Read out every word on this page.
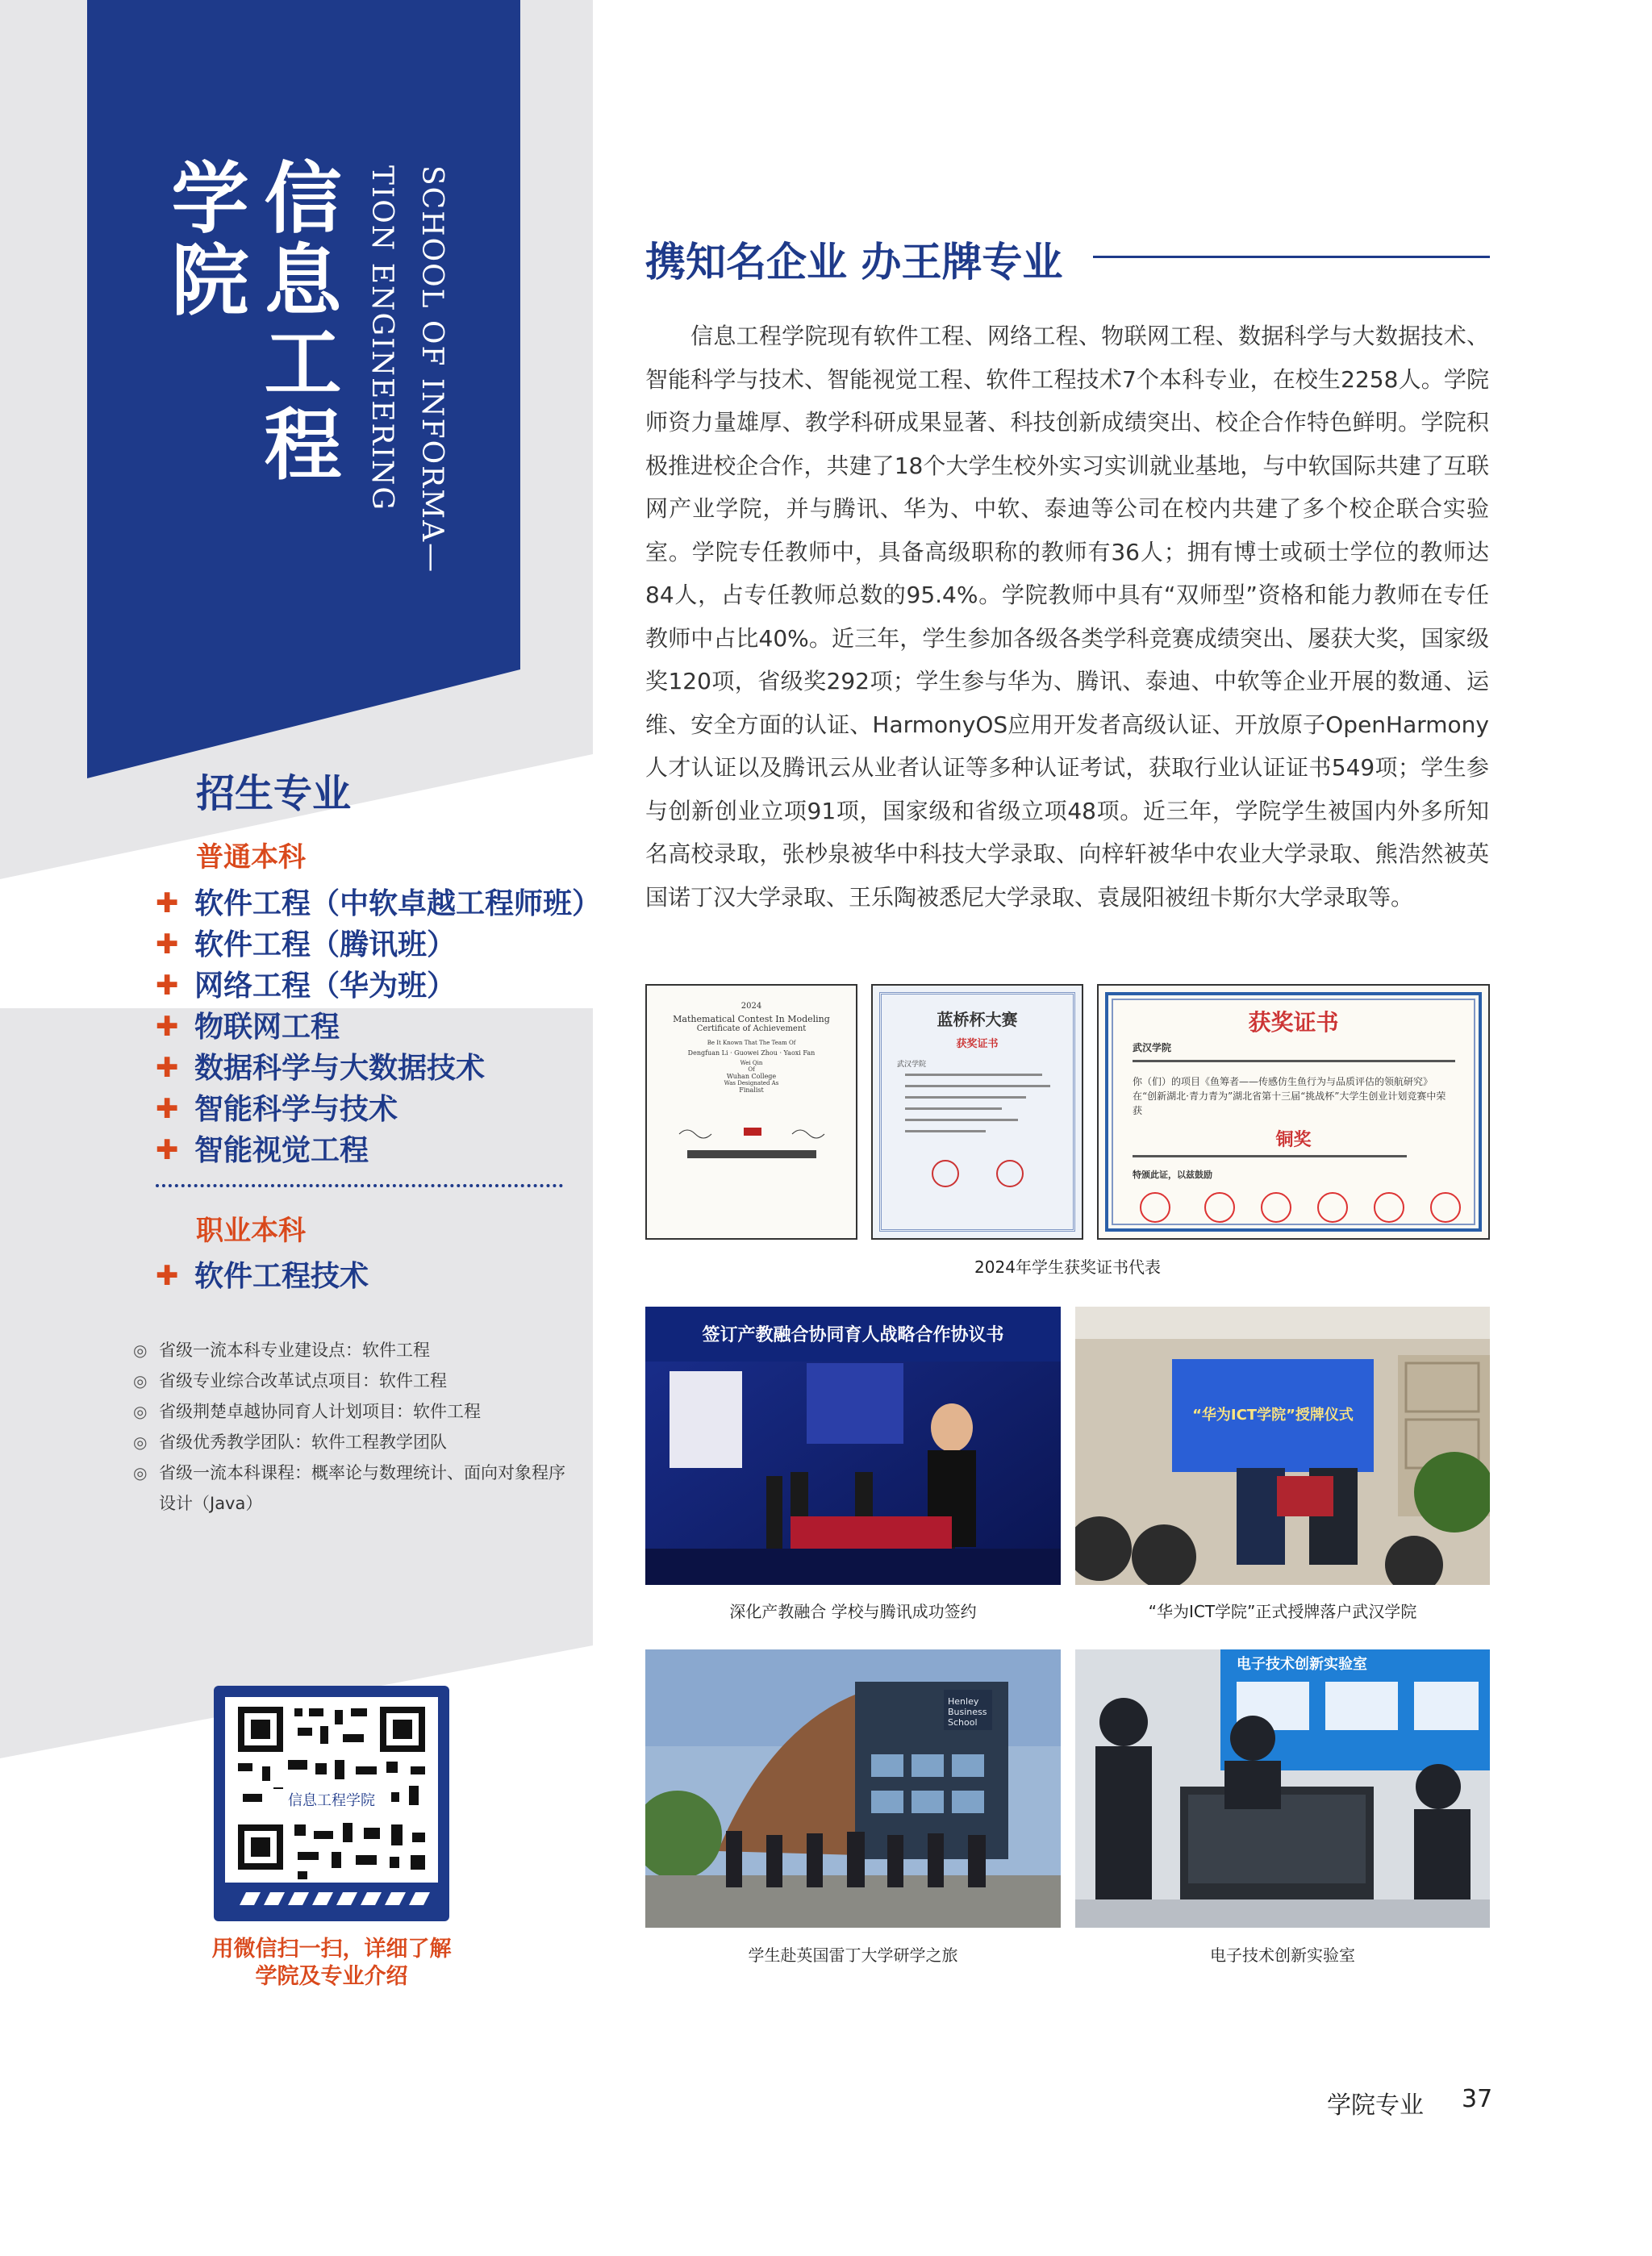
信息工程
学院	SCHOOL OF INFORMA—
TION ENGINEERING
招生专业
普通本科
✚ 软件工程（中软卓越工程师班）
✚ 软件工程（腾讯班）
✚ 网络工程（华为班）
✚ 物联网工程
✚ 数据科学与大数据技术
✚ 智能科学与技术
✚ 智能视觉工程
职业本科
✚ 软件工程技术
◎ 省级一流本科专业建设点：软件工程
◎ 省级专业综合改革试点项目：软件工程
◎ 省级荆楚卓越协同育人计划项目：软件工程
◎ 省级优秀教学团队：软件工程教学团队
◎ 省级一流本科课程：概率论与数理统计、面向对象程序设计（Java）
信息工程学院
用微信扫一扫，详细了解学院及专业介绍
携知名企业 办王牌专业

信息工程学院现有软件工程、网络工程、物联网工程、数据科学与大数据技术、智能科学与技术、智能视觉工程、软件工程技术7个本科专业，在校生2258人。学院师资力量雄厚、教学科研成果显著、科技创新成绩突出、校企合作特色鲜明。学院积极推进校企合作，共建了18个大学生校外实习实训就业基地，与中软国际共建了互联网产业学院，并与腾讯、华为、中软、泰迪等公司在校内共建了多个校企联合实验室。学院专任教师中，具备高级职称的教师有36人；拥有博士或硕士学位的教师达84人，占专任教师总数的95.4%。学院教师中具有“双师型”资格和能力教师在专任教师中占比40%。近三年，学生参加各级各类学科竞赛成绩突出、屡获大奖，国家级奖120项，省级奖292项；学生参与华为、腾讯、泰迪、中软等企业开展的数通、运维、安全方面的认证、HarmonyOS应用开发者高级认证、开放原子OpenHarmony人才认证以及腾讯云从业者认证等多种认证考试，获取行业认证证书549项；学生参与创新创业立项91项，国家级和省级立项48项。近三年，学院学生被国内外多所知名高校录取，张杪泉被华中科技大学录取、向梓轩被华中农业大学录取、熊浩然被英国诺丁汉大学录取、王乐陶被悉尼大学录取、袁晟阳被纽卡斯尔大学录取等。

2024
Mathematical Contest In Modeling
Certificate of Achievement
Be It Known That The Team Of
Dengfuan Li · Guowei Zhou · Yaoxi Fan
Wei Qin
Of
Wuhan College
Was Designated As
Finalist
蓝桥杯大赛
获奖证书
武汉学院
获奖证书
武汉学院
你（们）的项目《鱼筹者——传感仿生鱼行为与品质评估的领航研究》在“创新湖北·青力青为”湖北省第十三届“挑战杯”大学生创业计划竞赛中荣获
铜奖
特颁此证，以兹鼓励
2024年学生获奖证书代表
签订产教融合协同育人战略合作协议书
深化产教融合 学校与腾讯成功签约
“华为ICT学院”授牌仪式
“华为ICT学院”正式授牌落户武汉学院
Henley Business School
学生赴英国雷丁大学研学之旅
电子技术创新实验室
电子技术创新实验室
学院专业 37
